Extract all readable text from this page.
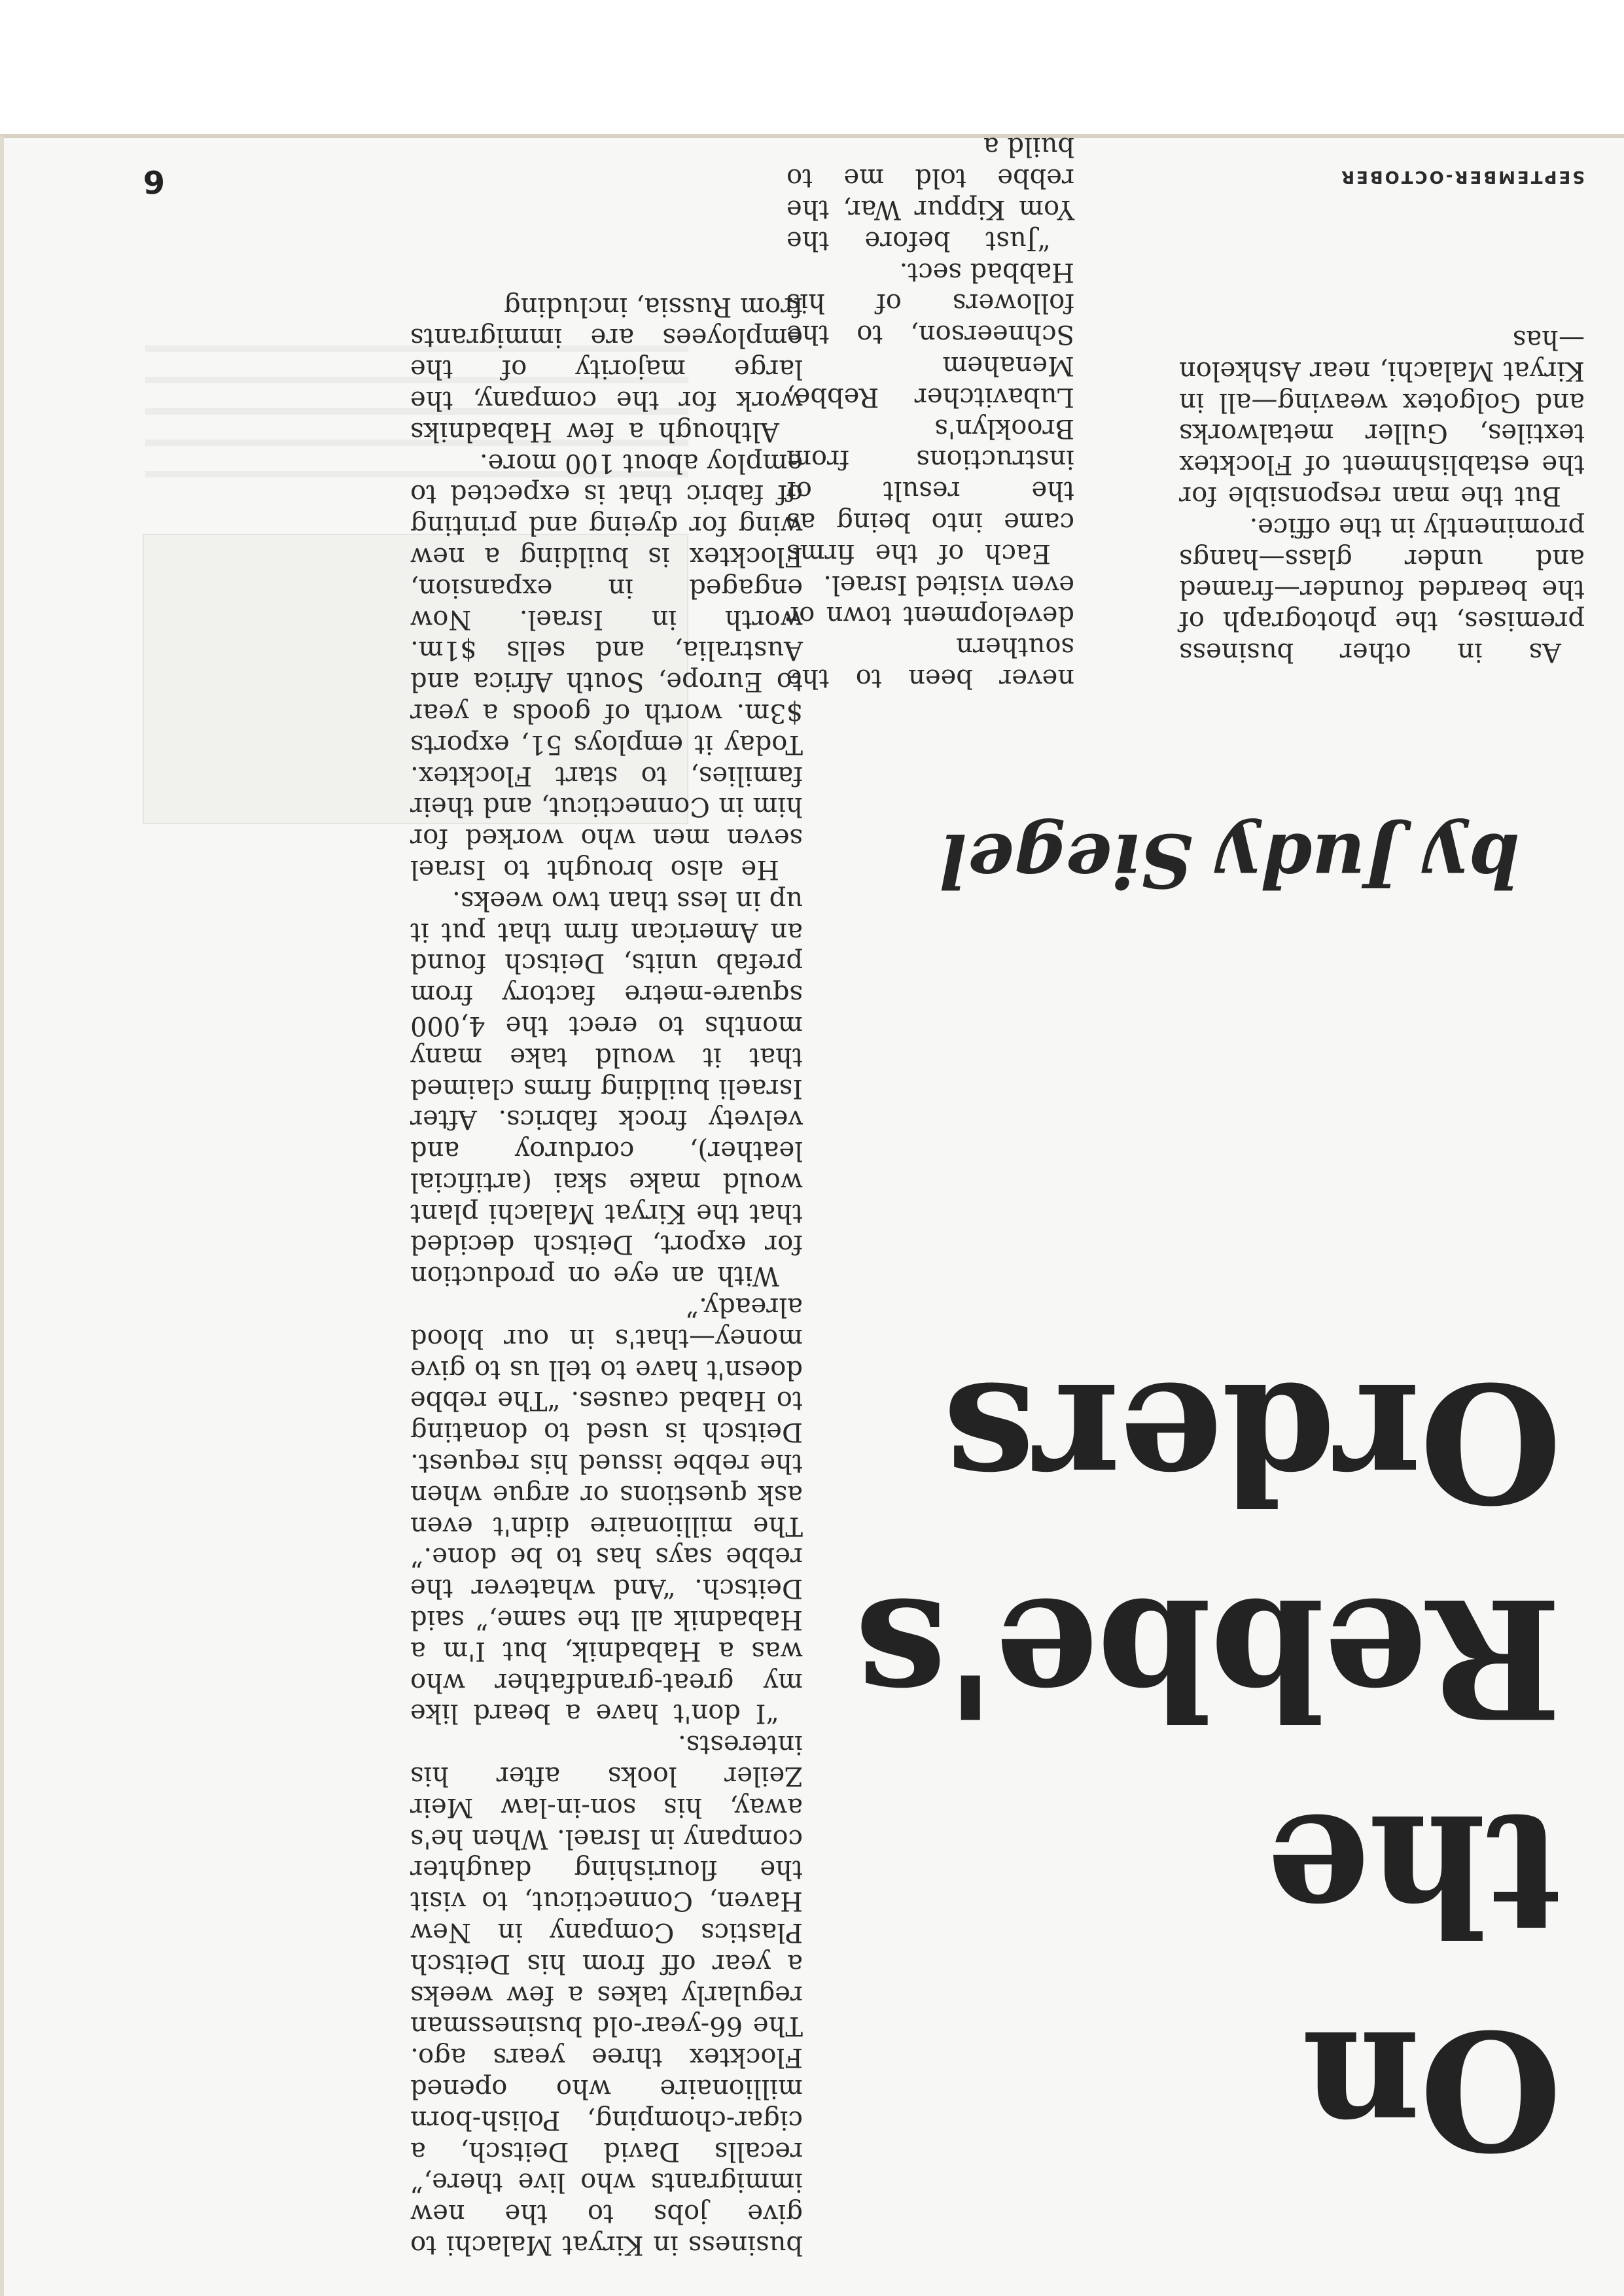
On
the
Rebbe's
Orders
by Judy Siegel

business in Kiryat Malachi to give jobs to the new immigrants who live there,” recalls David Deitsch, a cigar-chomping, Polish-born millionaire who opened Flocktex three years ago. The 66-year-old businessman regularly takes a few weeks a year off from his Deitsch Plastics Company in New Haven, Connecticut, to visit the flourishing daughter company in Israel. When he's away, his son-in-law Meir Zeiler looks after his interests.

“I don't have a beard like my great-grandfather who was a Habadnik, but I'm a Habadnik all the same,” said Deitsch. “And whatever the rebbe says has to be done.” The millionaire didn't even ask questions or argue when the rebbe issued his request. Deitsch is used to donating to Habad causes. “The rebbe doesn't have to tell us to give money—that's in our blood already.”

With an eye on production for export, Deitsch decided that the Kiryat Malachi plant would make skai (artificial leather), corduroy and velvety frock fabrics. After Israeli building firms claimed that it would take many months to erect the 4,000 square-metre factory from prefab units, Deitsch found an American firm that put it up in less than two weeks.

He also brought to Israel seven men who worked for him in Connecticut, and their families, to start Flocktex. Today it employs 51, exports $3m. worth of goods a year to Europe, South Africa and Australia, and sells $1m. worth in Israel. Now engaged in expansion, Flocktex is building a new wing for dyeing and printing of fabric that is expected to employ about 100 more.

Although a few Habadniks work for the company, the large majority of the employees are immigrants from Russia, including

never been to the southern development town or even visited Israel.

Each of the firms came into being as the result of instructions from Brooklyn's Lubavitcher Rebbe, Menahem Schneerson, to the followers of his Habbad sect.

“Just before the Yom Kippur War, the rebbe told me to build a

As in other business premises, the photograph of the bearded founder—framed and under glass—hangs prominently in the office.

But the man responsible for the establishment of Flocktex textiles, Guller metalworks and Golgotex weaving—all in Kiryat Malachi, near Ashkelon—has

SEPTEMBER-OCTOBER
6
